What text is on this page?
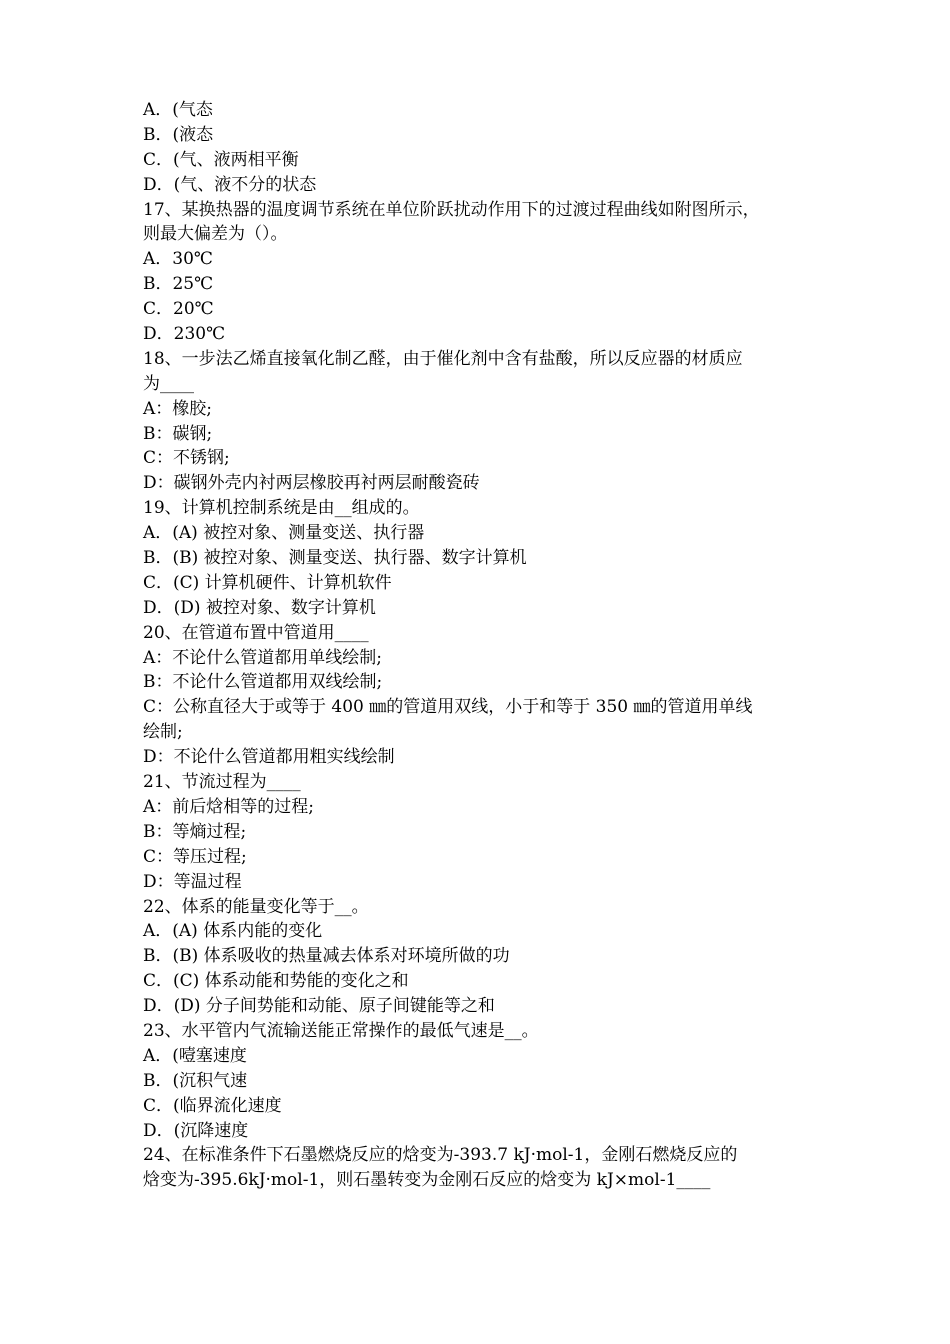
A．(气态
B．(液态
C．(气、液两相平衡
D．(气、液不分的状态
17、某换热器的温度调节系统在单位阶跃扰动作用下的过渡过程曲线如附图所示，
则最大偏差为（）。
A．30℃
B．25℃
C．20℃
D．230℃
18、一步法乙烯直接氧化制乙醛，由于催化剂中含有盐酸，所以反应器的材质应
为____
A：橡胶;
B：碳钢;
C：不锈钢;
D：碳钢外壳内衬两层橡胶再衬两层耐酸瓷砖
19、计算机控制系统是由__组成的。
A．(A) 被控对象、测量变送、执行器
B．(B) 被控对象、测量变送、执行器、数字计算机
C．(C) 计算机硬件、计算机软件
D．(D) 被控对象、数字计算机
20、在管道布置中管道用____
A：不论什么管道都用单线绘制;
B：不论什么管道都用双线绘制;
C：公称直径大于或等于 400 ㎜的管道用双线，小于和等于 350 ㎜的管道用单线
绘制;
D：不论什么管道都用粗实线绘制
21、节流过程为____
A：前后焓相等的过程;
B：等熵过程;
C：等压过程;
D：等温过程
22、体系的能量变化等于__。
A．(A) 体系内能的变化
B．(B) 体系吸收的热量减去体系对环境所做的功
C．(C) 体系动能和势能的变化之和
D．(D) 分子间势能和动能、原子间键能等之和
23、水平管内气流输送能正常操作的最低气速是__。
A．(噎塞速度
B．(沉积气速
C．(临界流化速度
D．(沉降速度
24、在标准条件下石墨燃烧反应的焓变为-393.7 kJ·mol-1，金刚石燃烧反应的
焓变为-395.6kJ·mol-1，则石墨转变为金刚石反应的焓变为 kJ×mol-1____
